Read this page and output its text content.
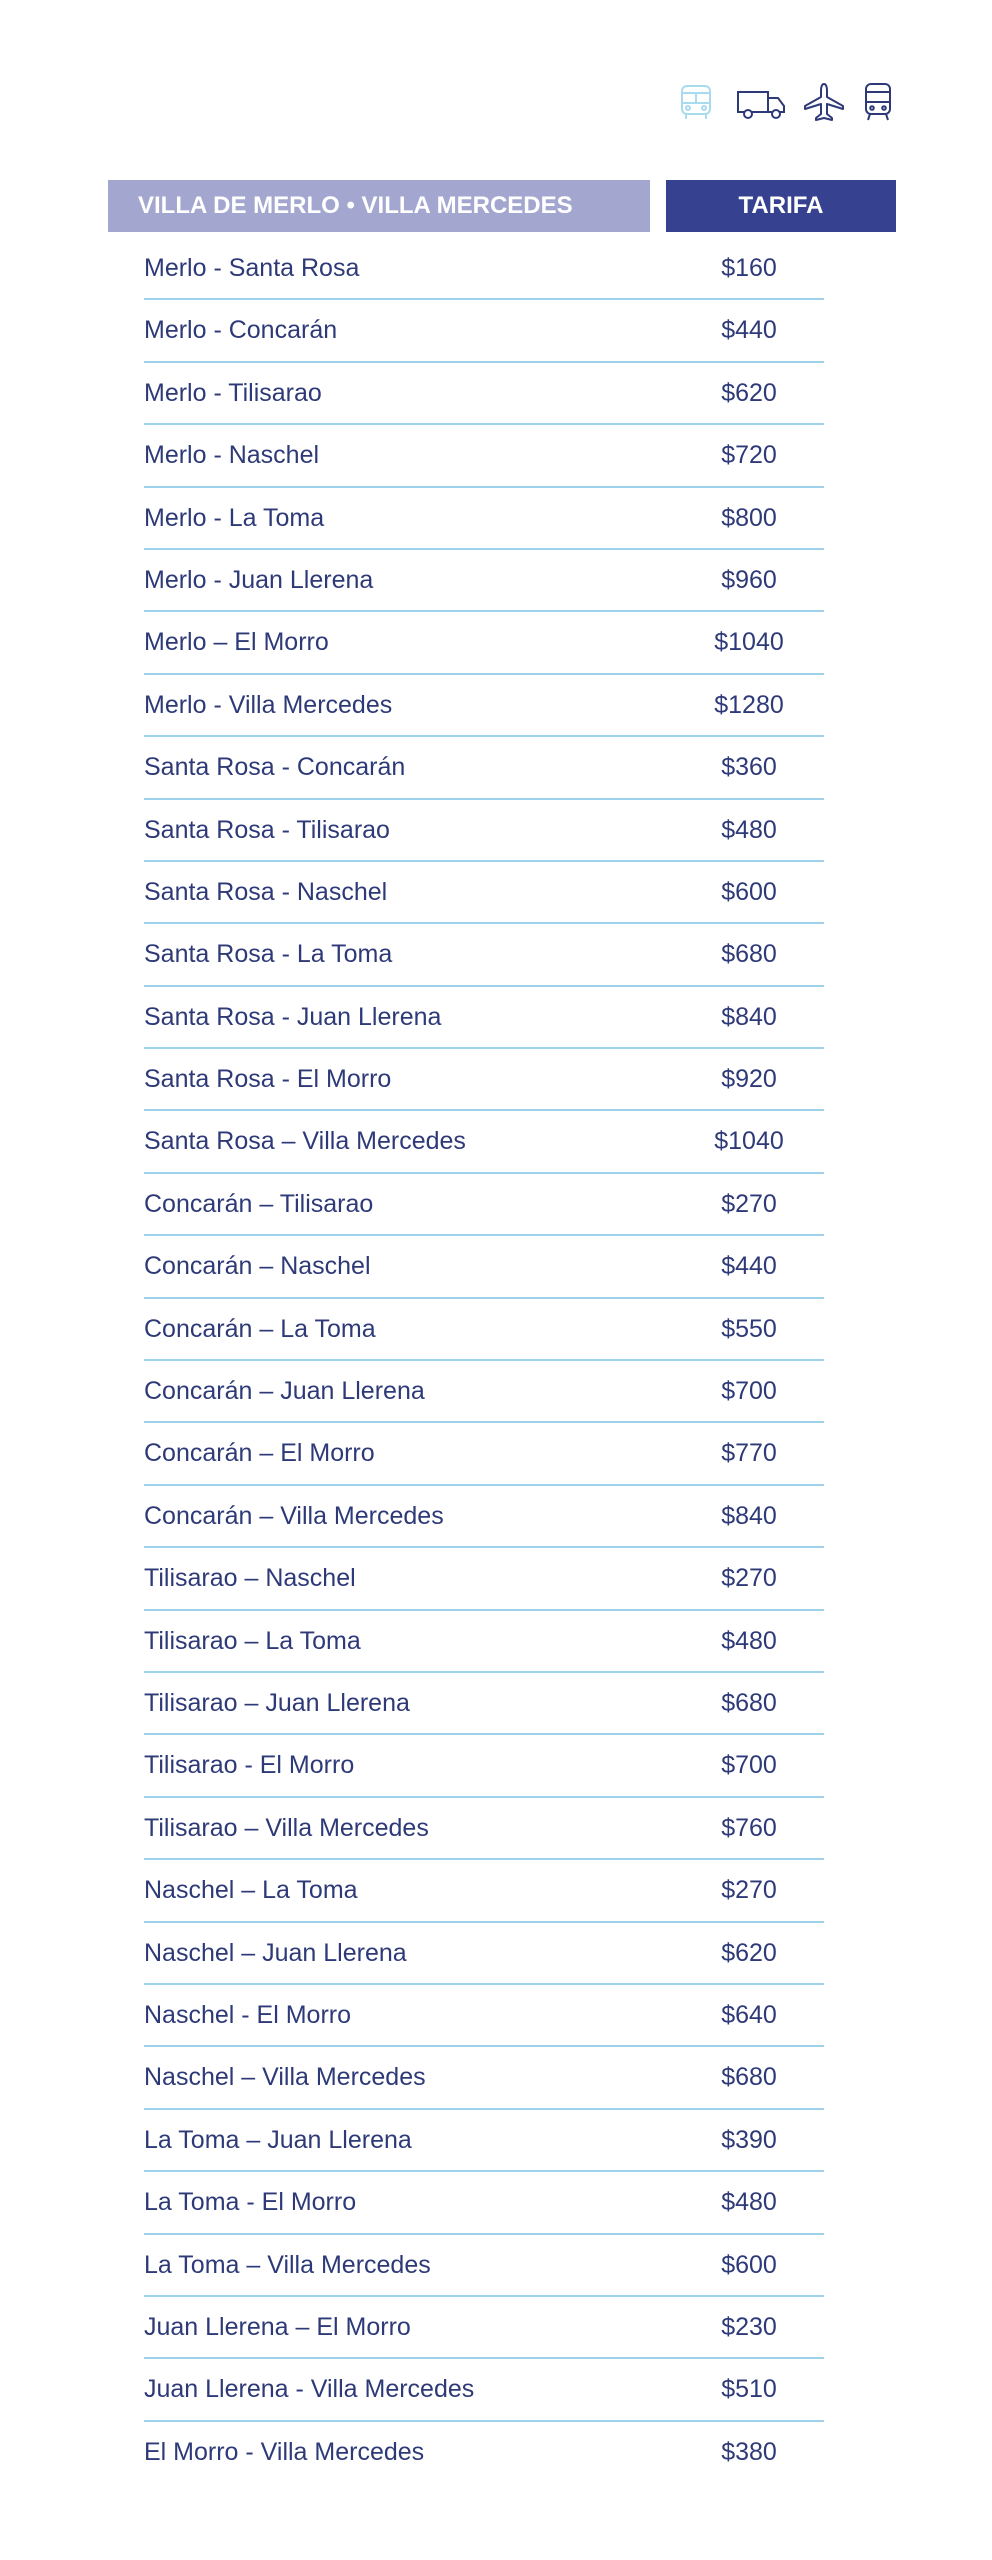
VILLA DE MERLO • VILLA MERCEDES	TARIFA
Merlo - Santa Rosa	$160
Merlo - Concarán	$440
Merlo - Tilisarao	$620
Merlo - Naschel	$720
Merlo - La Toma	$800
Merlo - Juan Llerena	$960
Merlo – El Morro	$1040
Merlo - Villa Mercedes	$1280
Santa Rosa - Concarán	$360
Santa Rosa - Tilisarao	$480
Santa Rosa - Naschel	$600
Santa Rosa - La Toma	$680
Santa Rosa - Juan Llerena	$840
Santa Rosa - El Morro	$920
Santa Rosa – Villa Mercedes	$1040
Concarán – Tilisarao	$270
Concarán – Naschel	$440
Concarán – La Toma	$550
Concarán – Juan Llerena	$700
Concarán – El Morro	$770
Concarán – Villa Mercedes	$840
Tilisarao – Naschel	$270
Tilisarao – La Toma	$480
Tilisarao – Juan Llerena	$680
Tilisarao - El Morro	$700
Tilisarao – Villa Mercedes	$760
Naschel – La Toma	$270
Naschel – Juan Llerena	$620
Naschel - El Morro	$640
Naschel – Villa Mercedes	$680
La Toma – Juan Llerena	$390
La Toma - El Morro	$480
La Toma – Villa Mercedes	$600
Juan Llerena – El Morro	$230
Juan Llerena - Villa Mercedes	$510
El Morro - Villa Mercedes	$380
